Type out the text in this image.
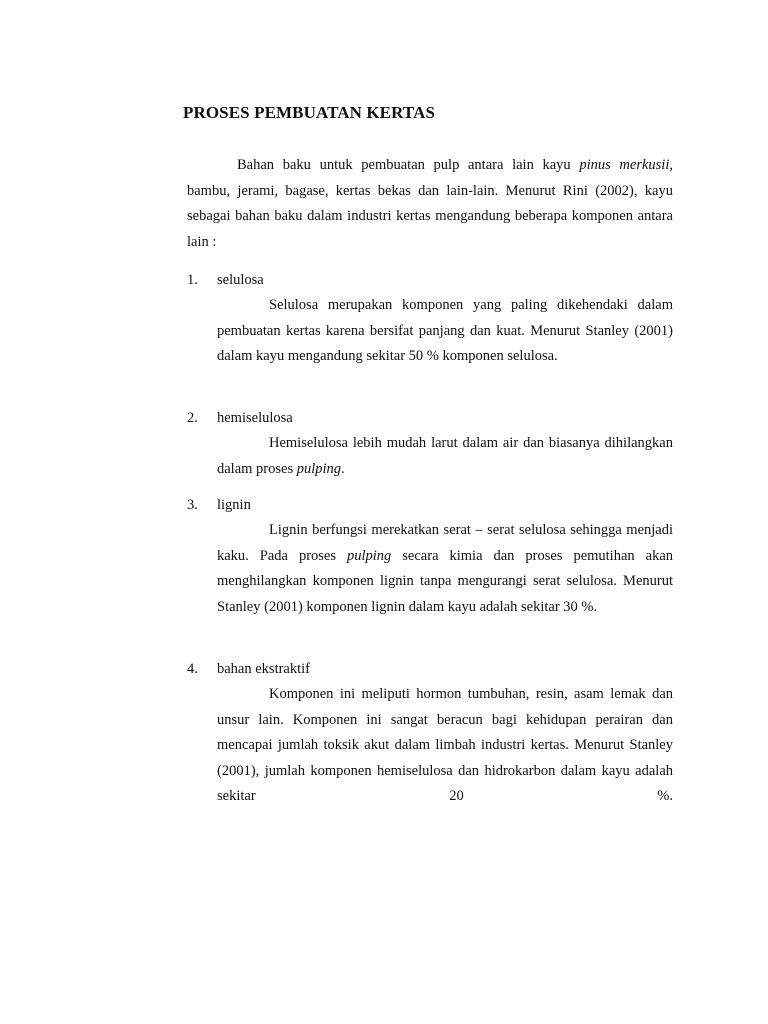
PROSES PEMBUATAN KERTAS
Bahan baku untuk pembuatan pulp antara lain kayu pinus merkusii, bambu, jerami, bagase, kertas bekas dan lain-lain. Menurut Rini (2002), kayu sebagai bahan baku dalam industri kertas mengandung beberapa komponen antara lain :
1. selulosa
Selulosa merupakan komponen yang paling dikehendaki dalam pembuatan kertas karena bersifat panjang dan kuat. Menurut Stanley (2001) dalam kayu mengandung sekitar 50 % komponen selulosa.
2. hemiselulosa
Hemiselulosa lebih mudah larut dalam air dan biasanya dihilangkan dalam proses pulping.
3. lignin
Lignin berfungsi merekatkan serat – serat selulosa sehingga menjadi kaku. Pada proses pulping secara kimia dan proses pemutihan akan menghilangkan komponen lignin tanpa mengurangi serat selulosa. Menurut Stanley (2001) komponen lignin dalam kayu adalah sekitar 30 %.
4. bahan ekstraktif
Komponen ini meliputi hormon tumbuhan, resin, asam lemak dan unsur lain. Komponen ini sangat beracun bagi kehidupan perairan dan mencapai jumlah toksik akut dalam limbah industri kertas. Menurut Stanley (2001), jumlah komponen hemiselulosa dan hidrokarbon dalam kayu adalah sekitar 20 %.
